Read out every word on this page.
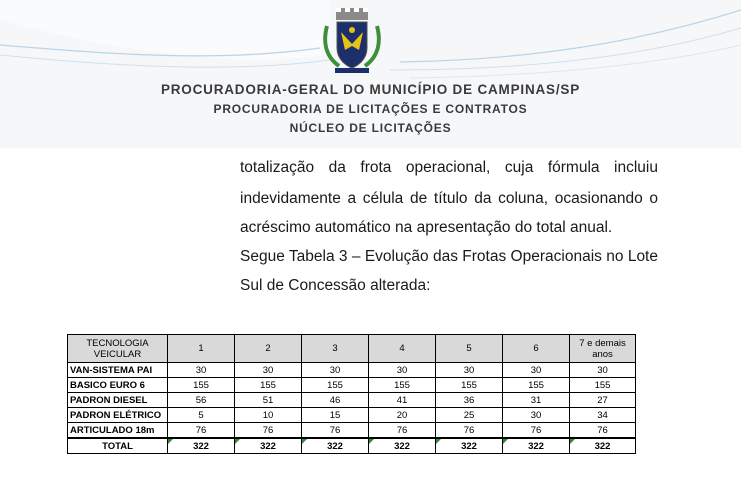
PROCURADORIA-GERAL DO MUNICÍPIO DE CAMPINAS/SP
PROCURADORIA DE LICITAÇÕES E CONTRATOS
NÚCLEO DE LICITAÇÕES
totalização da frota operacional, cuja fórmula incluiu
indevidamente a célula de título da coluna, ocasionando o
acréscimo automático na apresentação do total anual.
Segue Tabela 3 – Evolução das Frotas Operacionais no Lote
Sul de Concessão alterada:
TECNOLOGIA VEICULAR	1	2	3	4	5	6	7 e demais anos
VAN-SISTEMA PAI	30	30	30	30	30	30	30
BASICO EURO 6	155	155	155	155	155	155	155
PADRON DIESEL	56	51	46	41	36	31	27
PADRON ELÉTRICO	5	10	15	20	25	30	34
ARTICULADO 18m	76	76	76	76	76	76	76
TOTAL	322	322	322	322	322	322	322
